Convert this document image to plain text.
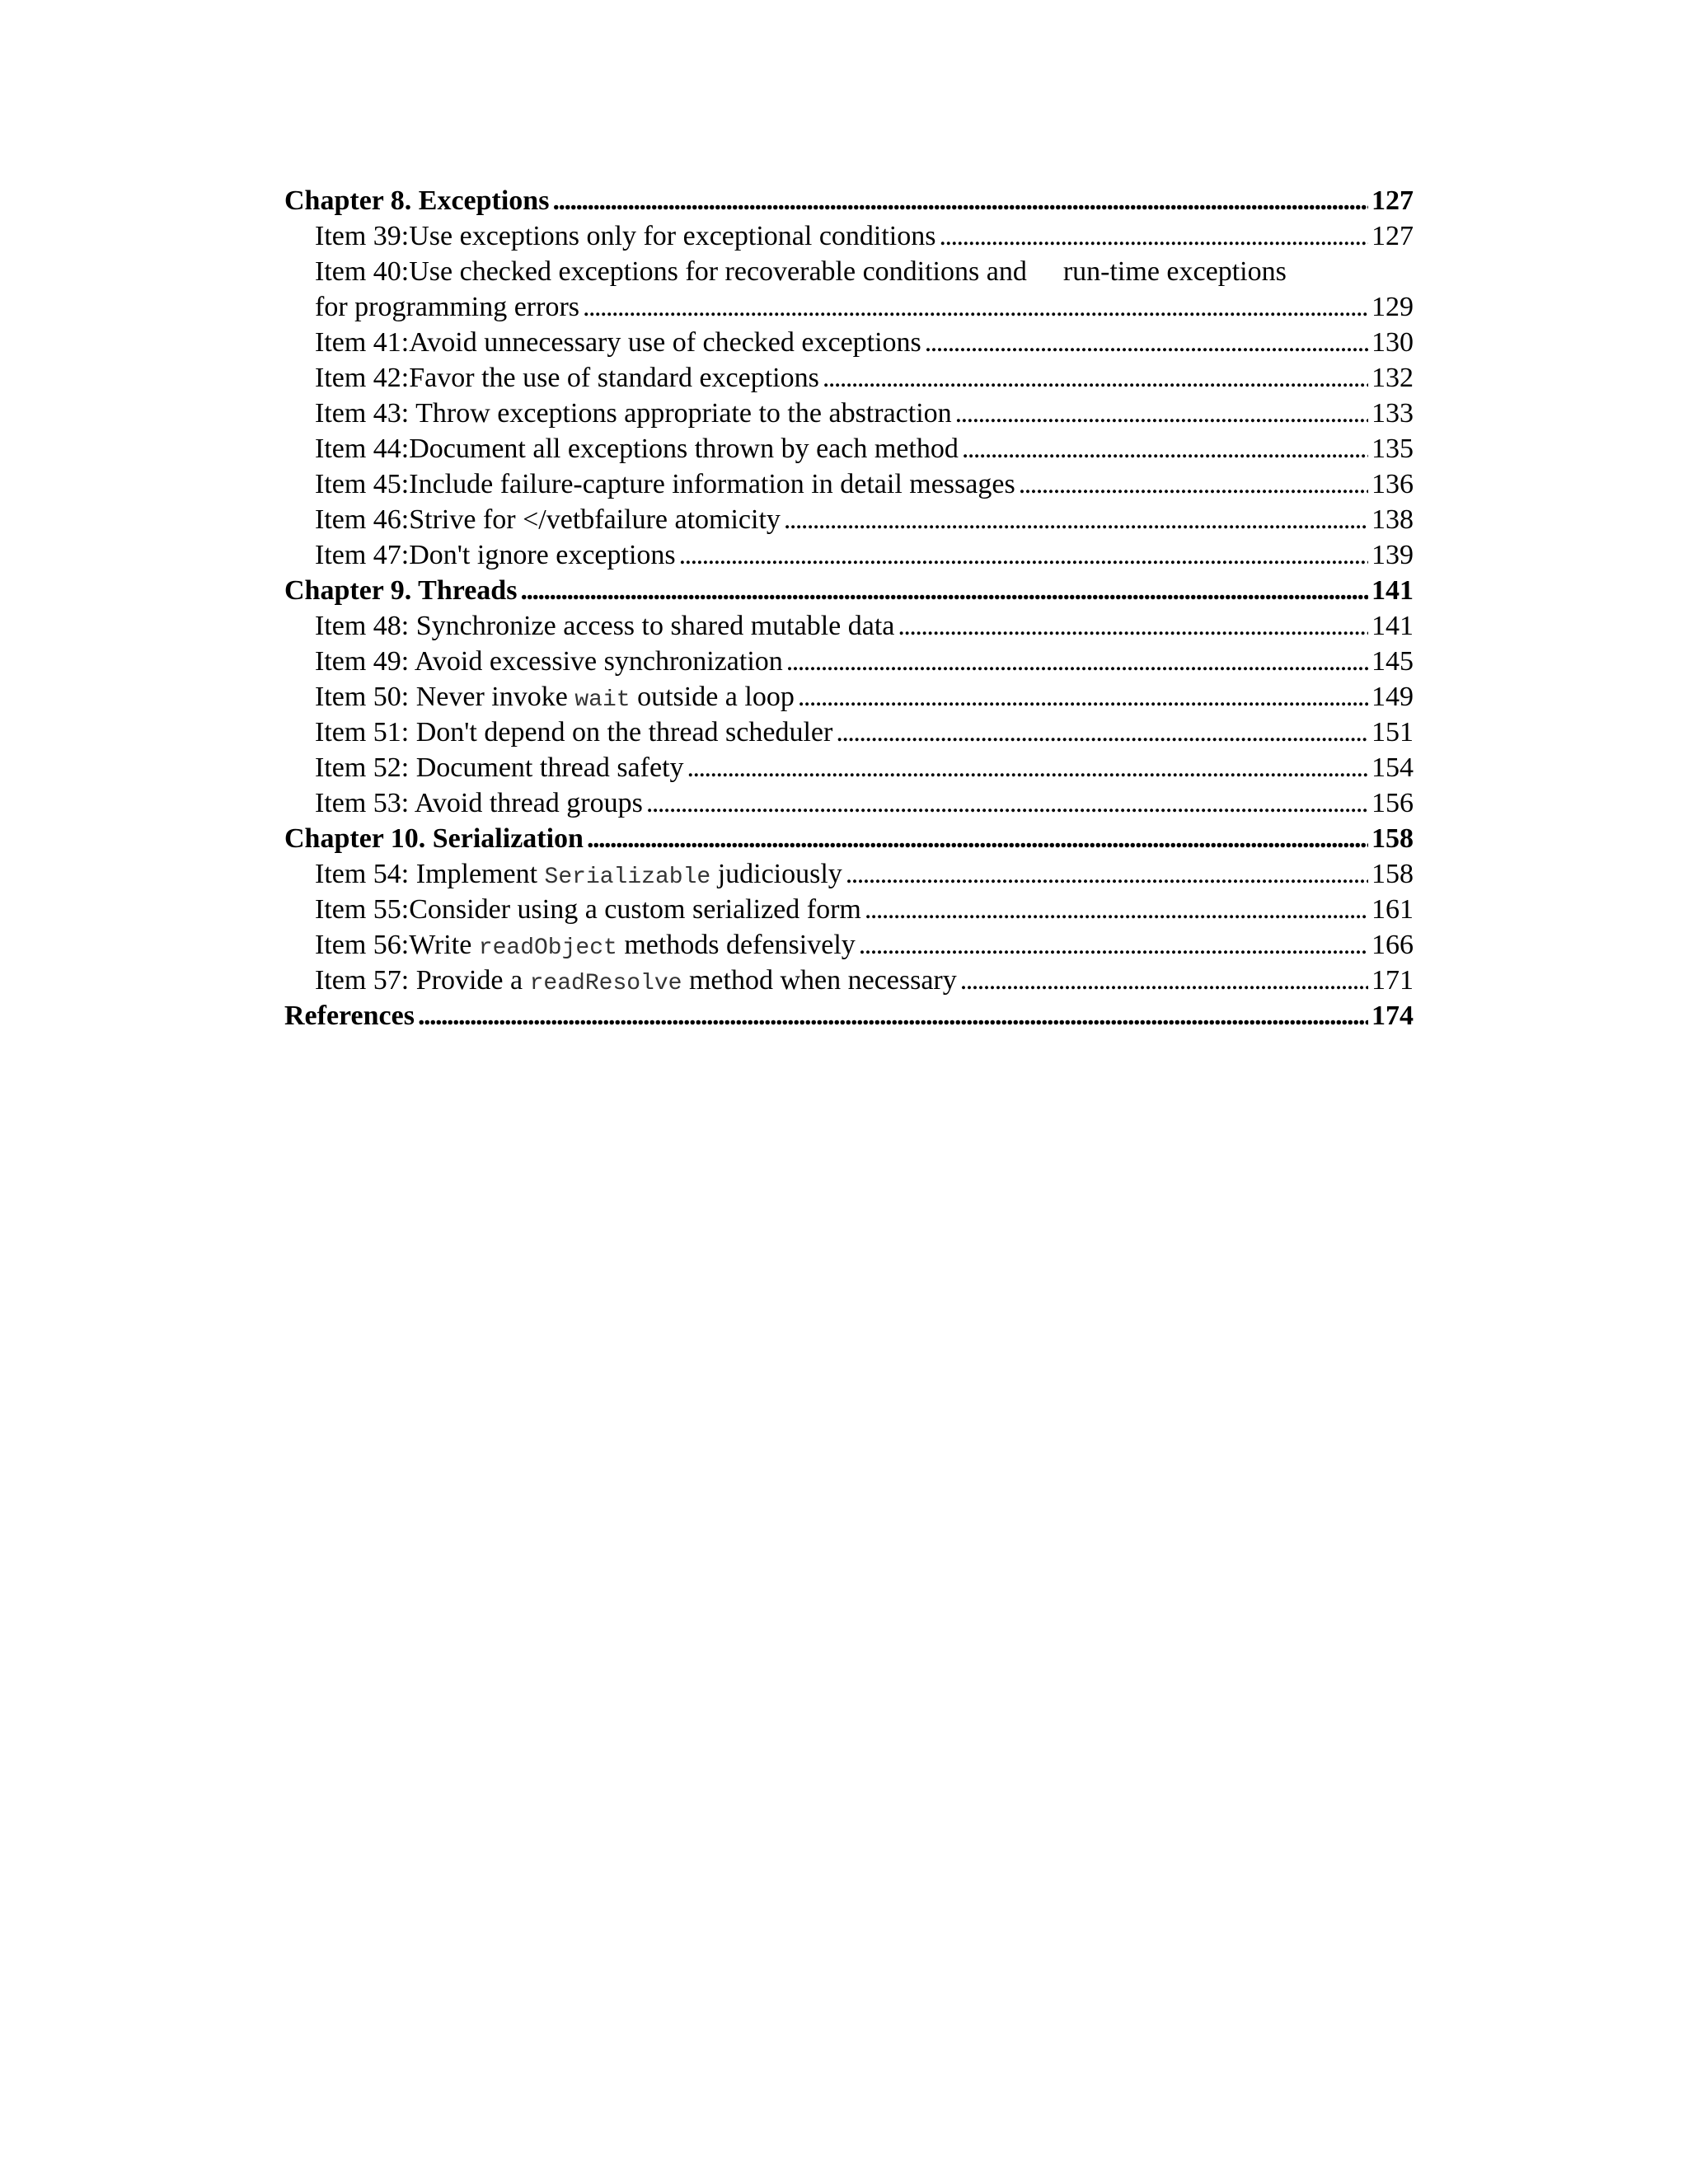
Chapter 8. Exceptions . . .	127
Item 39:Use exceptions only for exceptional conditions . . .	127
Item 40:Use checked exceptions for recoverable conditions and run-time exceptions
for programming errors . . .	129
Item 41:Avoid unnecessary use of checked exceptions . . .	130
Item 42:Favor the use of standard exceptions . . .	132
Item 43: Throw exceptions appropriate to the abstraction . . .	133
Item 44:Document all exceptions thrown by each method . . .	135
Item 45:Include failure-capture information in detail messages . . .	136
Item 46:Strive for </vetbfailure atomicity . . .	138
Item 47:Don't ignore exceptions . . .	139
Chapter 9. Threads . . .	141
Item 48: Synchronize access to shared mutable data . . .	141
Item 49: Avoid excessive synchronization . . .	145
Item 50: Never invoke wait outside a loop . . .	149
Item 51: Don't depend on the thread scheduler . . .	151
Item 52: Document thread safety . . .	154
Item 53: Avoid thread groups . . .	156
Chapter 10. Serialization . . .	158
Item 54: Implement Serializable judiciously . . .	158
Item 55:Consider using a custom serialized form . . .	161
Item 56:Write readObject methods defensively . . .	166
Item 57: Provide a readResolve method when necessary . . .	171
References . . .	174
